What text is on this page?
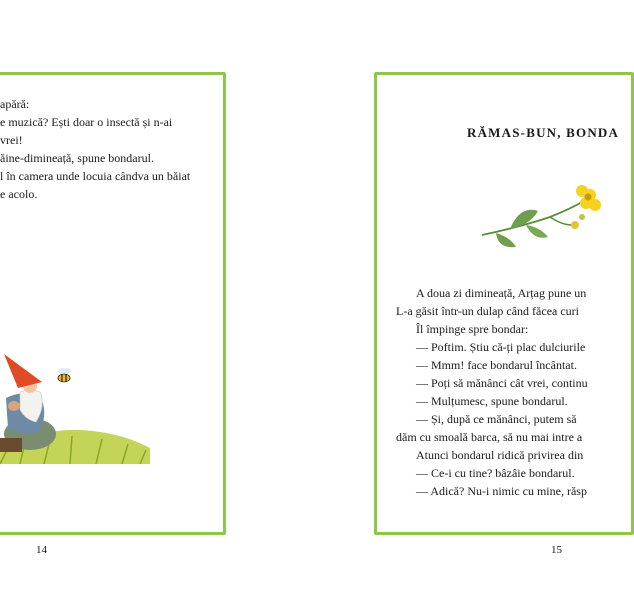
apără:
e muzică? Ești doar o insectă și n-ai
vrei!
ăine-dimineață, spune bondarul.
l în camera unde locuia cândva un băiat
e acolo.
14
RĂMAS-BUN, BONDA
A doua zi dimineață, Arțag pune un
L-a găsit într-un dulap când făcea curi
Îl împinge spre bondar:
— Poftim. Știu că-ți plac dulciurile
— Mmm! face bondarul încântat.
— Poți să mănânci cât vrei, continu
— Mulțumesc, spune bondarul.
— Și, după ce mănânci, putem să
dăm cu smoală barca, să nu mai intre a
Atunci bondarul ridică privirea din
— Ce-i cu tine? bâzâie bondarul.
— Adică? Nu-i nimic cu mine, răsp
15
